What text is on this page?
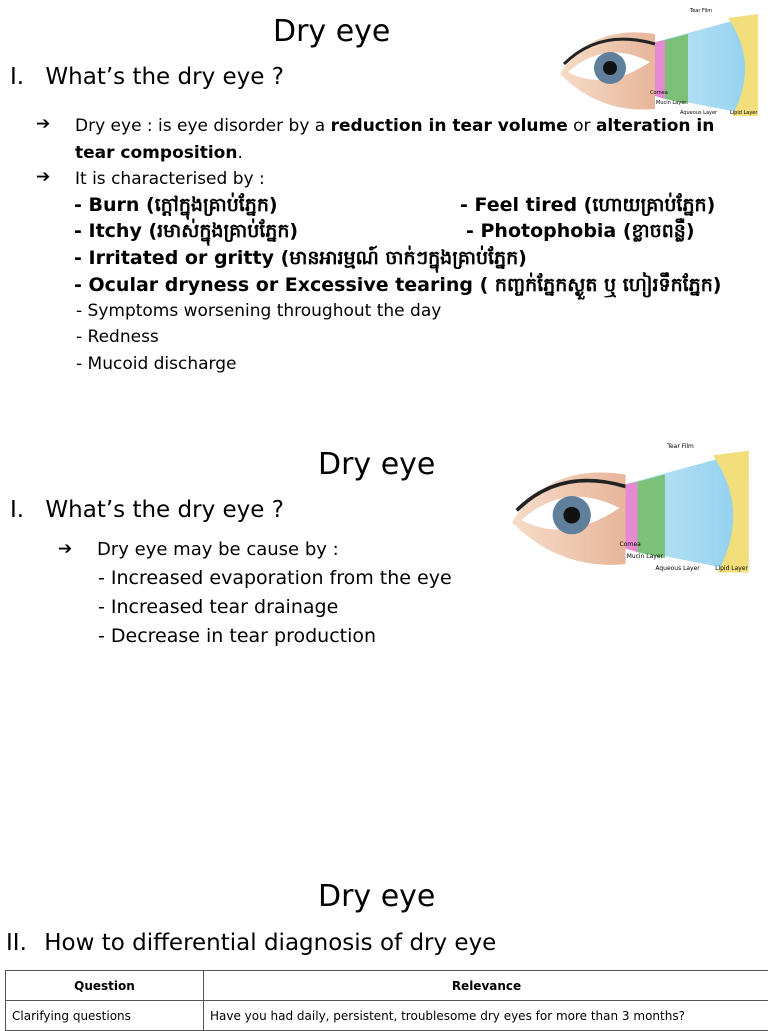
Dry eye
I. What’s the dry eye ?
Tear Film
Cornea
Mucin Layer
Aqueous Layer	Lipid Layer
➔ Dry eye : is eye disorder by a reduction in tear volume or alteration in
tear composition.
➔ It is characterised by :
- Burn (ក្តៅក្នុងគ្រាប់ភ្នែក)	- Feel tired (ហោយគ្រាប់ភ្នែក)
- Itchy (រមាស់ក្នុងគ្រាប់ភ្នែក)	- Photophobia (ខ្លាចពន្លឺ)
- Irritated or gritty (មានអារម្មណ៍ ចាក់ៗក្នុងគ្រាប់ភ្នែក)
- Ocular dryness or Excessive tearing ( កញ្ចក់ភ្នែកស្ងួត ឬ ហៀរទឹកភ្នែក)
- Symptoms worsening throughout the day
- Redness
- Mucoid discharge
Dry eye
I. What’s the dry eye ?
Tear Film
Cornea
Mucin Layer
Aqueous Layer	Lipid Layer
➔ Dry eye may be cause by :
- Increased evaporation from the eye
- Increased tear drainage
- Decrease in tear production
Dry eye
II. How to differential diagnosis of dry eye
Question	Relevance
Clarifying questions	Have you had daily, persistent, troublesome dry eyes for more than 3 months?
